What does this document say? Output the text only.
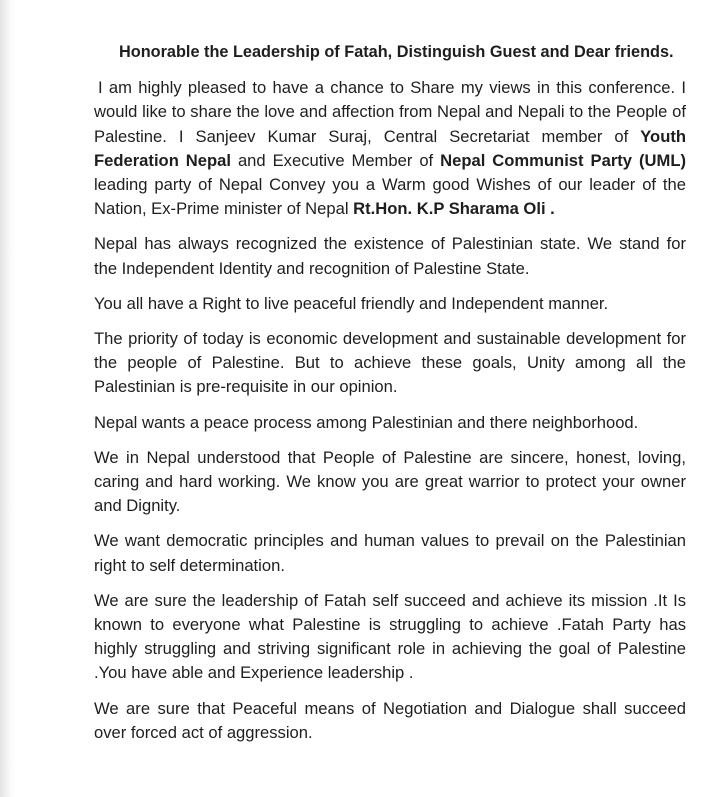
Honorable the Leadership of Fatah, Distinguish Guest and Dear friends.

I am highly pleased to have a chance to Share my views in this conference. I would like to share the love and affection from Nepal and Nepali to the People of Palestine. I Sanjeev Kumar Suraj, Central Secretariat member of Youth Federation Nepal and Executive Member of Nepal Communist Party (UML) leading party of Nepal Convey you a Warm good Wishes of our leader of the Nation, Ex-Prime minister of Nepal Rt.Hon. K.P Sharama Oli .

Nepal has always recognized the existence of Palestinian state. We stand for the Independent Identity and recognition of Palestine State.

You all have a Right to live peaceful friendly and Independent manner.

The priority of today is economic development and sustainable development for the people of Palestine. But to achieve these goals, Unity among all the Palestinian is pre-requisite in our opinion.

Nepal wants a peace process among Palestinian and there neighborhood.

We in Nepal understood that People of Palestine are sincere, honest, loving, caring and hard working. We know you are great warrior to protect your owner and Dignity.

We want democratic principles and human values to prevail on the Palestinian right to self determination.

We are sure the leadership of Fatah self succeed and achieve its mission .It Is known to everyone what Palestine is struggling to achieve .Fatah Party has highly struggling and striving significant role in achieving the goal of Palestine .You have able and Experience leadership .

We are sure that Peaceful means of Negotiation and Dialogue shall succeed over forced act of aggression.
